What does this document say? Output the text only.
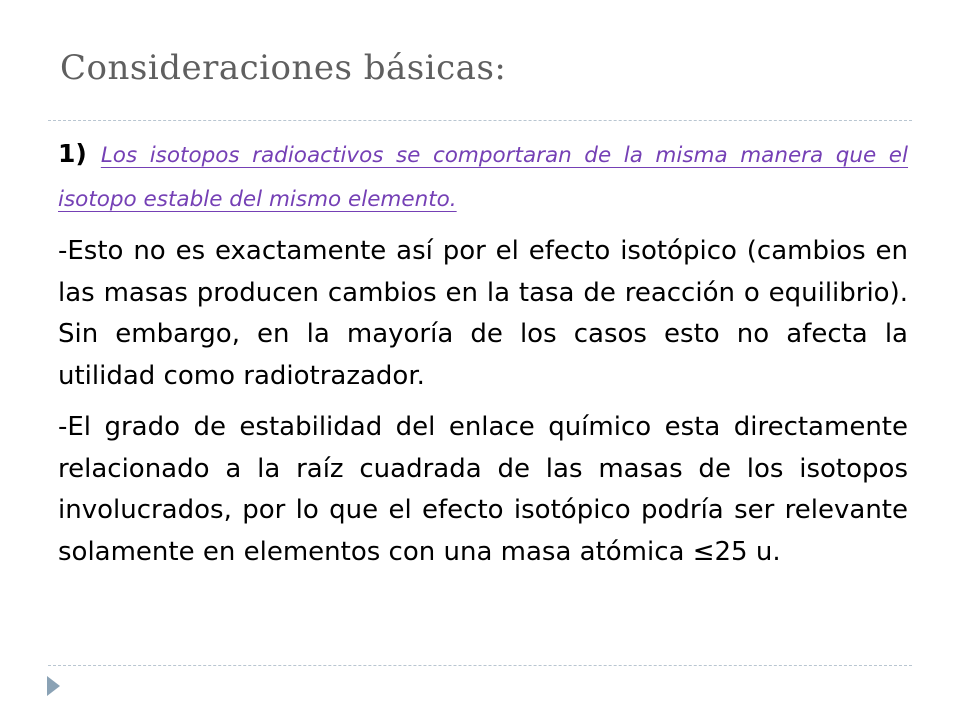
Consideraciones básicas:

1) Los isotopos radioactivos se comportaran de la misma manera que el isotopo estable del mismo elemento.

-Esto no es exactamente así por el efecto isotópico (cambios en las masas producen cambios en la tasa de reacción o equilibrio). Sin embargo, en la mayoría de los casos esto no afecta la utilidad como radiotrazador.

-El grado de estabilidad del enlace químico esta directamente relacionado a la raíz cuadrada de las masas de los isotopos involucrados, por lo que el efecto isotópico podría ser relevante solamente en elementos con una masa atómica ≤25 u.
